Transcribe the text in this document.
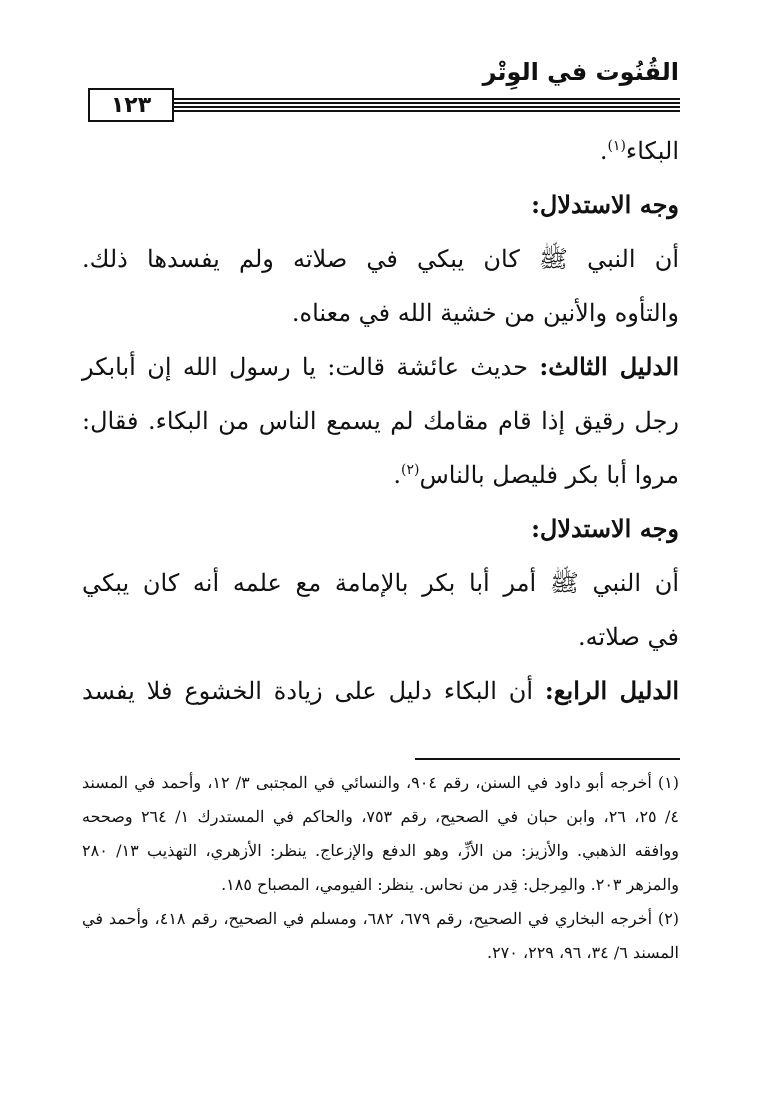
القُنُوت في الوِتْر
١٢٣

البكاء$^{(١)}$.

وجه الاستدلال:

أن النبي ﷺ كان يبكي في صلاته ولم يفسدها ذلك.

والتأوه والأنين من خشية الله في معناه.

الدليل الثالث: حديث عائشة قالت: يا رسول الله إن أبابكر

رجل رقيق إذا قام مقامك لم يسمع الناس من البكاء. فقال:

مروا أبا بكر فليصل بالناس$^{(٢)}$.

وجه الاستدلال:

أن النبي ﷺ أمر أبا بكر بالإمامة مع علمه أنه كان يبكي

في صلاته.

الدليل الرابع: أن البكاء دليل على زيادة الخشوع فلا يفسد

(١) أخرجه أبو داود في السنن، رقم ٩٠٤، والنسائي في المجتبى ٣/ ١٢، وأحمد في المسند ٤/ ٢٥، ٢٦، وابن حبان في الصحيح، رقم ٧٥٣، والحاكم في المستدرك ١/ ٢٦٤ وصححه ووافقه الذهبي. والأزيز: من الأزِّ، وهو الدفع والإزعاج. ينظر: الأزهري، التهذيب ١٣/ ٢٨٠ والمزهر ٢٠٣. والمِرجل: قِدر من نحاس. ينظر: الفيومي، المصباح ١٨٥.

(٢) أخرجه البخاري في الصحيح، رقم ٦٧٩، ٦٨٢، ومسلم في الصحيح، رقم ٤١٨، وأحمد في المسند ٦/ ٣٤، ٩٦، ٢٢٩، ٢٧٠.
